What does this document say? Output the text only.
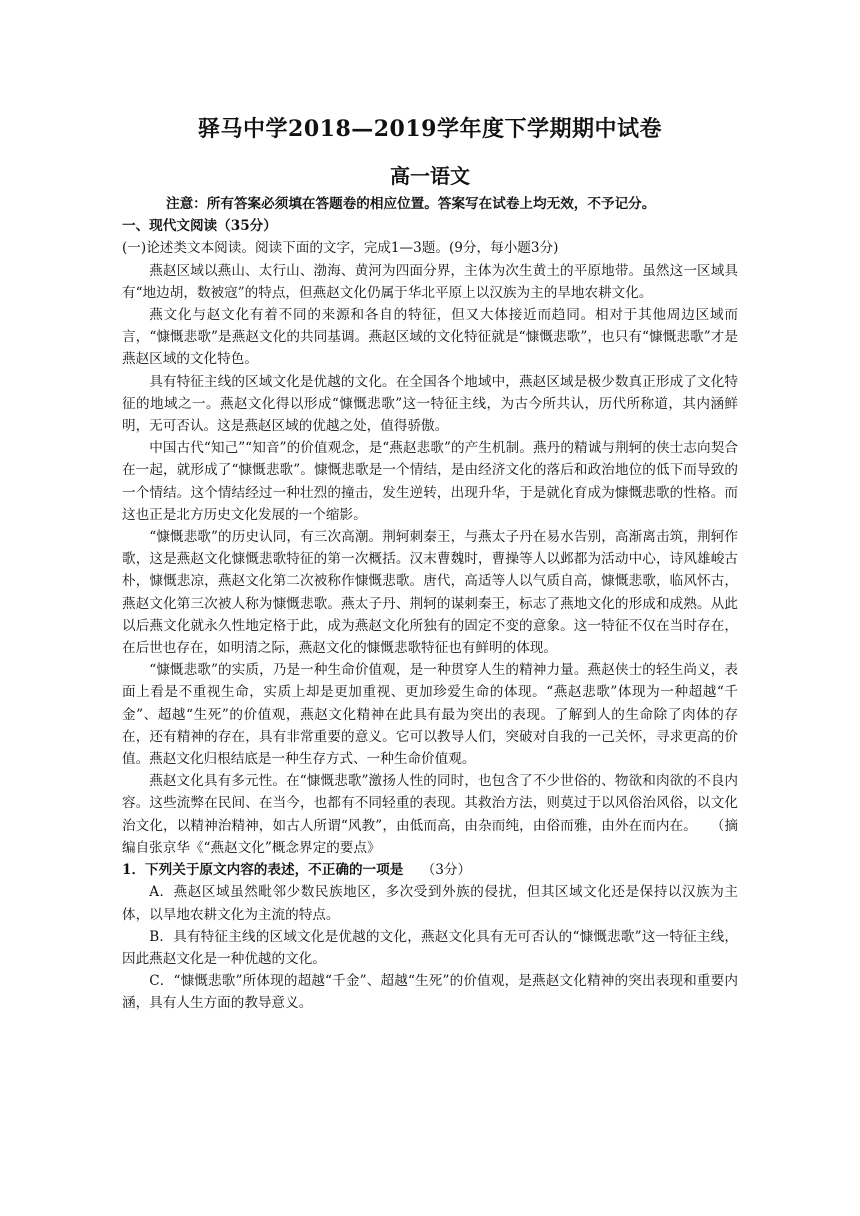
驿马中学2018—2019学年度下学期期中试卷
高一语文

注意：所有答案必须填在答题卷的相应位置。答案写在试卷上均无效，不予记分。

一、现代文阅读（35分）

(一)论述类文本阅读。阅读下面的文字，完成1—3题。(9分，每小题3分)

燕赵区域以燕山、太行山、渤海、黄河为四面分界，主体为次生黄土的平原地带。虽然这一区域具有“地边胡，数被寇”的特点，但燕赵文化仍属于华北平原上以汉族为主的旱地农耕文化。

燕文化与赵文化有着不同的来源和各自的特征，但又大体接近而趋同。相对于其他周边区域而言，“慷慨悲歌”是燕赵文化的共同基调。燕赵区域的文化特征就是“慷慨悲歌”，也只有“慷慨悲歌”才是燕赵区域的文化特色。

具有特征主线的区域文化是优越的文化。在全国各个地域中，燕赵区域是极少数真正形成了文化特征的地域之一。燕赵文化得以形成“慷慨悲歌”这一特征主线，为古今所共认，历代所称道，其内涵鲜明，无可否认。这是燕赵区域的优越之处，值得骄傲。

中国古代“知己”“知音”的价值观念，是“燕赵悲歌”的产生机制。燕丹的精诚与荆轲的侠士志向契合在一起，就形成了“慷慨悲歌”。慷慨悲歌是一个情结，是由经济文化的落后和政治地位的低下而导致的一个情结。这个情结经过一种壮烈的撞击，发生逆转，出现升华，于是就化育成为慷慨悲歌的性格。而这也正是北方历史文化发展的一个缩影。

“慷慨悲歌”的历史认同，有三次高潮。荆轲刺秦王，与燕太子丹在易水告别，高渐离击筑，荆轲作歌，这是燕赵文化慷慨悲歌特征的第一次概括。汉末曹魏时，曹操等人以邺都为活动中心，诗风雄峻古朴，慷慨悲凉，燕赵文化第二次被称作慷慨悲歌。唐代，高适等人以气质自高，慷慨悲歌，临风怀古，燕赵文化第三次被人称为慷慨悲歌。燕太子丹、荆轲的谋刺秦王，标志了燕地文化的形成和成熟。从此以后燕文化就永久性地定格于此，成为燕赵文化所独有的固定不变的意象。这一特征不仅在当时存在，在后世也存在，如明清之际，燕赵文化的慷慨悲歌特征也有鲜明的体现。

“慷慨悲歌”的实质，乃是一种生命价值观，是一种贯穿人生的精神力量。燕赵侠士的轻生尚义，表面上看是不重视生命，实质上却是更加重视、更加珍爱生命的体现。“燕赵悲歌”体现为一种超越“千金”、超越“生死”的价值观，燕赵文化精神在此具有最为突出的表现。了解到人的生命除了肉体的存在，还有精神的存在，具有非常重要的意义。它可以教导人们，突破对自我的一己关怀，寻求更高的价值。燕赵文化归根结底是一种生存方式、一种生命价值观。

燕赵文化具有多元性。在“慷慨悲歌”激扬人性的同时，也包含了不少世俗的、物欲和肉欲的不良内容。这些流弊在民间、在当今，也都有不同轻重的表现。其救治方法，则莫过于以风俗治风俗，以文化治文化，以精神治精神，如古人所谓“风教”，由低而高，由杂而纯，由俗而雅，由外在而内在。　　（摘编自张京华《“燕赵文化”概念界定的要点》

1．下列关于原文内容的表述，不正确的一项是　 （3分）

A．燕赵区域虽然毗邻少数民族地区，多次受到外族的侵扰，但其区域文化还是保持以汉族为主体，以旱地农耕文化为主流的特点。

B．具有特征主线的区域文化是优越的文化，燕赵文化具有无可否认的“慷慨悲歌”这一特征主线，因此燕赵文化是一种优越的文化。

C．“慷慨悲歌”所体现的超越“千金”、超越“生死”的价值观，是燕赵文化精神的突出表现和重要内涵，具有人生方面的教导意义。
